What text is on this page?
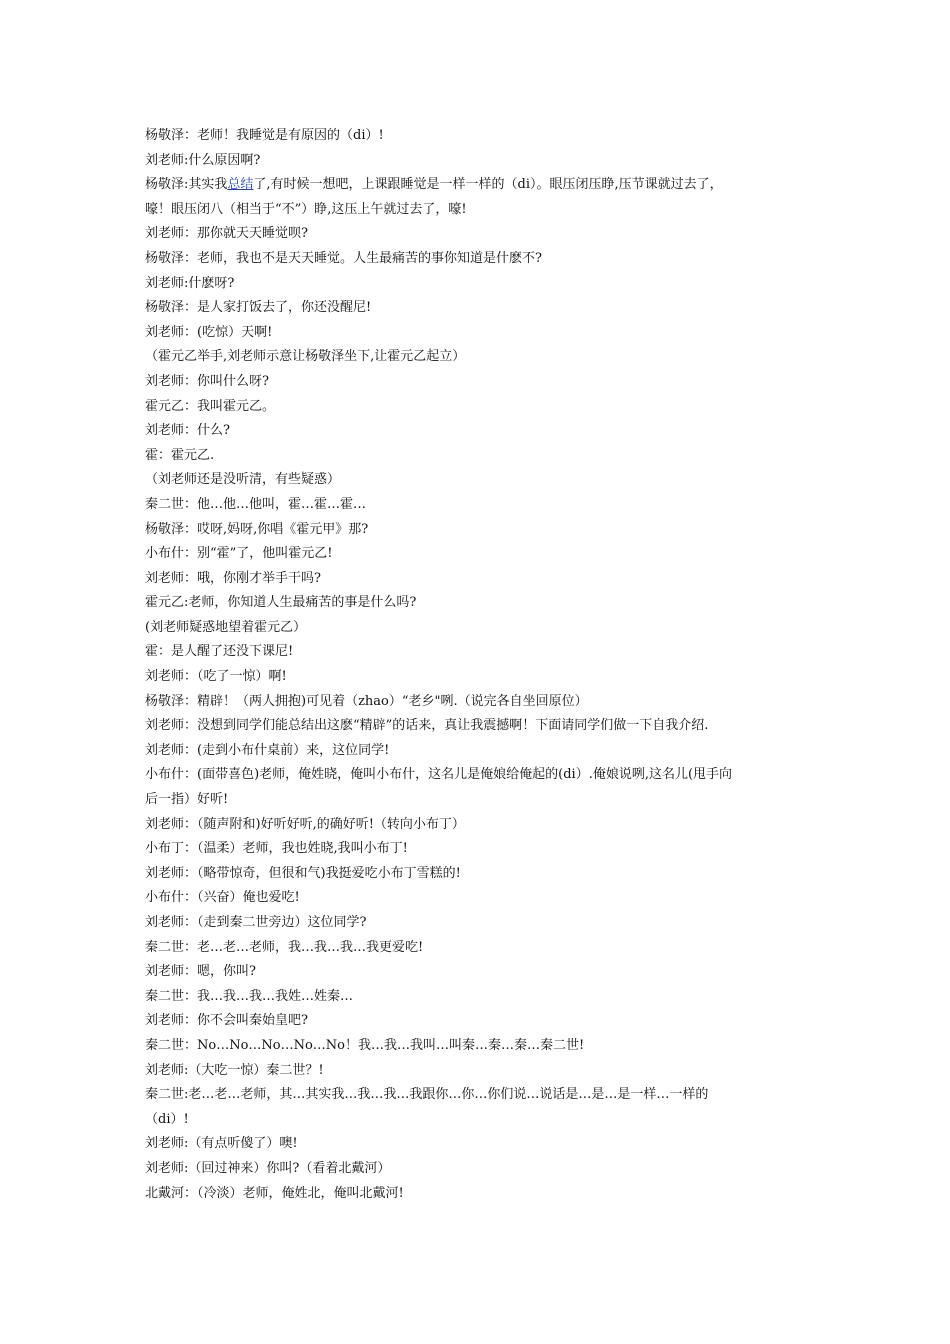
杨敬泽：老师！我睡觉是有原因的（di）!
刘老师:什么原因啊?
杨敬泽:其实我总结了,有时候一想吧，上课跟睡觉是一样一样的（di）。眼压闭压睁,压节课就过去了，
嚎！眼压闭八（相当于“不”）睁,这压上午就过去了，嚎!
刘老师：那你就天天睡觉呗?
杨敬泽：老师，我也不是天天睡觉。人生最痛苦的事你知道是什麽不?
刘老师:什麽呀?
杨敬泽：是人家打饭去了，你还没醒尼!
刘老师：(吃惊）天啊!
（霍元乙举手,刘老师示意让杨敬泽坐下,让霍元乙起立）
刘老师：你叫什么呀?
霍元乙：我叫霍元乙。
刘老师：什么?
霍：霍元乙.
（刘老师还是没听清，有些疑惑）
秦二世：他…他…他叫，霍…霍…霍…
杨敬泽：哎呀,妈呀,你唱《霍元甲》那?
小布什：别“霍”了，他叫霍元乙!
刘老师：哦，你刚才举手干吗?
霍元乙:老师，你知道人生最痛苦的事是什么吗?
(刘老师疑惑地望着霍元乙）
霍：是人醒了还没下课尼!
刘老师：（吃了一惊）啊!
杨敬泽：精辟！（两人拥抱)可见着（zhao）“老乡"咧.（说完各自坐回原位）
刘老师：没想到同学们能总结出这麽“精辟”的话来，真让我震撼啊！下面请同学们做一下自我介绍.
刘老师：(走到小布什桌前）来，这位同学!
小布什：(面带喜色)老师，俺姓晓，俺叫小布什，这名儿是俺娘给俺起的(di）.俺娘说咧,这名儿(甩手向
后一指）好听!
刘老师：（随声附和)好听好听,的确好听!（转向小布丁）
小布丁：（温柔）老师，我也姓晓,我叫小布丁!
刘老师：（略带惊奇，但很和气)我挺爱吃小布丁雪糕的!
小布什：（兴奋）俺也爱吃!
刘老师：（走到秦二世旁边）这位同学?
秦二世：老…老…老师，我…我…我…我更爱吃!
刘老师：嗯，你叫?
秦二世：我…我…我…我姓…姓秦…
刘老师：你不会叫秦始皇吧?
秦二世：No…No…No…No…No！我…我…我叫…叫秦…秦…秦…秦二世!
刘老师:（大吃一惊）秦二世？!
秦二世:老…老…老师，其…其实我…我…我…我跟你…你…你们说…说话是…是…是一样…一样的
（di）!
刘老师:（有点听傻了）噢!
刘老师:（回过神来）你叫?（看着北戴河）
北戴河：（冷淡）老师，俺姓北，俺叫北戴河!
